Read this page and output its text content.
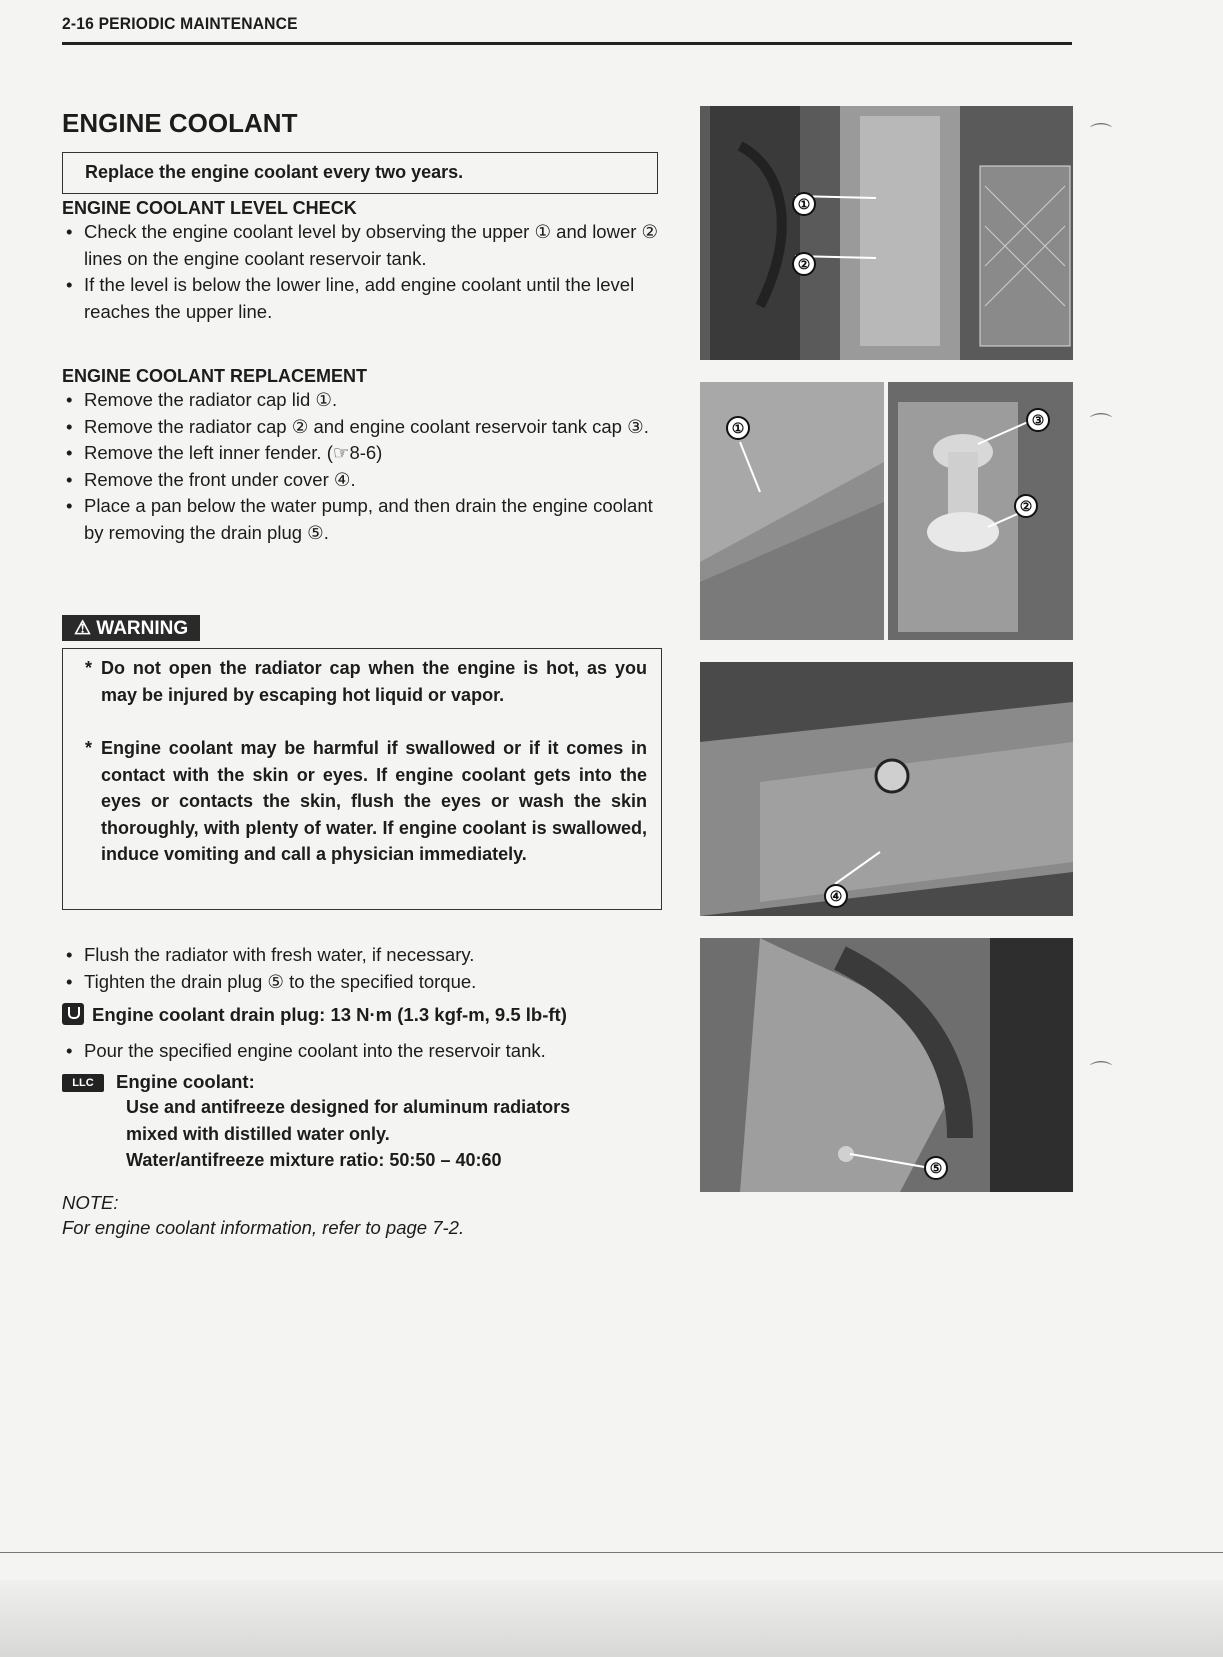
2-16 PERIODIC MAINTENANCE
ENGINE COOLANT
Replace the engine coolant every two years.
ENGINE COOLANT LEVEL CHECK
• Check the engine coolant level by observing the upper ① and lower ② lines on the engine coolant reservoir tank.
• If the level is below the lower line, add engine coolant until the level reaches the upper line.
ENGINE COOLANT REPLACEMENT
• Remove the radiator cap lid ①.
• Remove the radiator cap ② and engine coolant reservoir tank cap ③.
• Remove the left inner fender. (☞8-6)
• Remove the front under cover ④.
• Place a pan below the water pump, and then drain the engine coolant by removing the drain plug ⑤.
⚠ WARNING
* Do not open the radiator cap when the engine is hot, as you may be injured by escaping hot liquid or vapor.
* Engine coolant may be harmful if swallowed or if it comes in contact with the skin or eyes. If engine coolant gets into the eyes or contacts the skin, flush the eyes or wash the skin thoroughly, with plenty of water. If engine coolant is swallowed, induce vomiting and call a physician immediately.
• Flush the radiator with fresh water, if necessary.
• Tighten the drain plug ⑤ to the specified torque.
Engine coolant drain plug: 13 N·m (1.3 kgf-m, 9.5 lb-ft)
• Pour the specified engine coolant into the reservoir tank.
LLC Engine coolant:
Use and antifreeze designed for aluminum radiators
mixed with distilled water only.
Water/antifreeze mixture ratio: 50:50 – 40:60
NOTE:
For engine coolant information, refer to page 7-2.
①
②
①	③
②
④
⑤
⌒
⌒
⌒
